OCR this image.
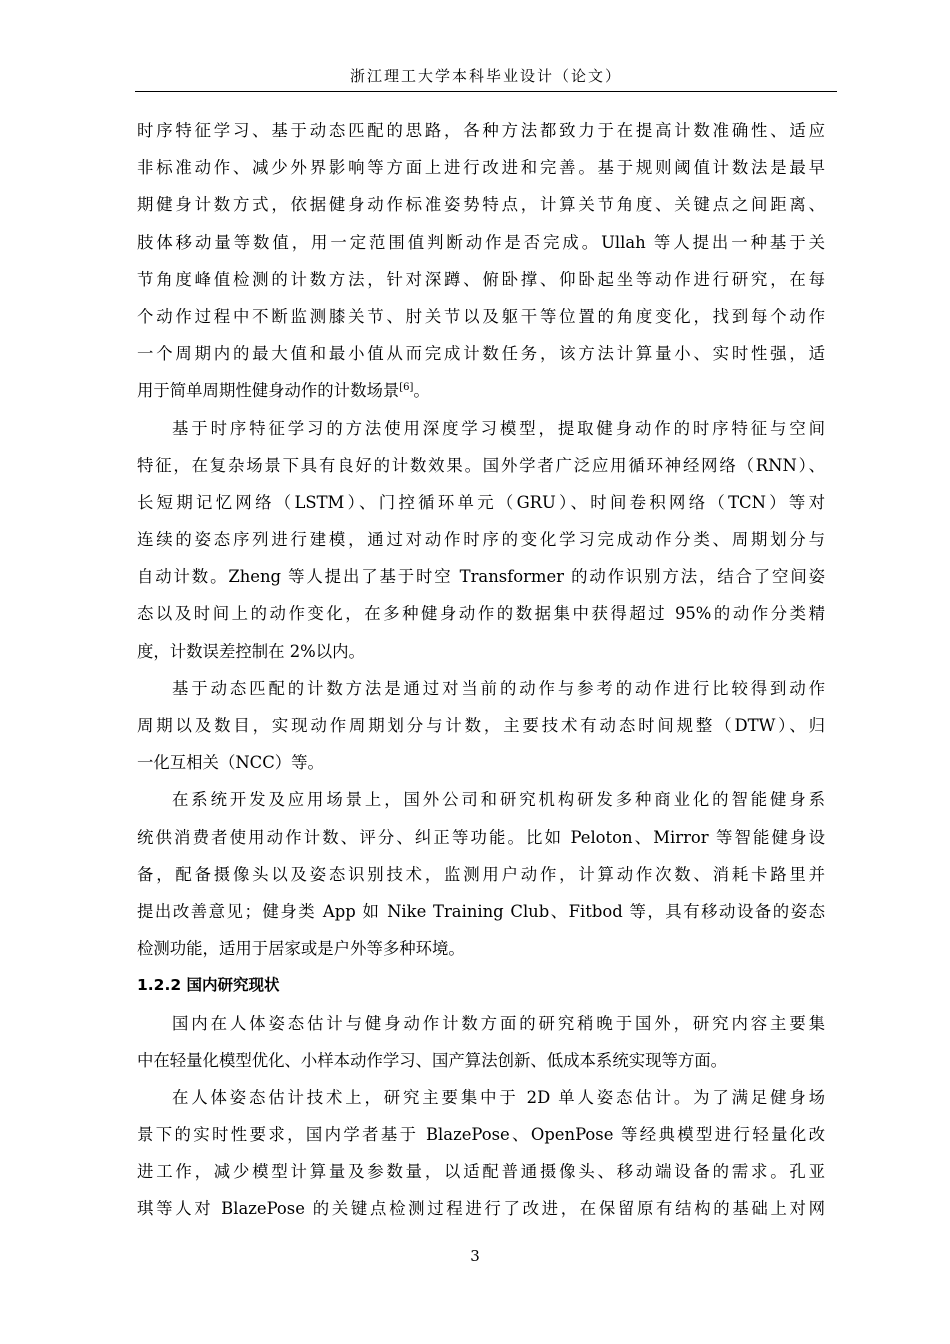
浙江理工大学本科毕业设计（论文）
时序特征学习、基于动态匹配的思路，各种方法都致力于在提高计数准确性、适应
非标准动作、减少外界影响等方面上进行改进和完善。基于规则阈值计数法是最早
期健身计数方式，依据健身动作标准姿势特点，计算关节角度、关键点之间距离、
肢体移动量等数值，用一定范围值判断动作是否完成。Ullah 等人提出一种基于关
节角度峰值检测的计数方法，针对深蹲、俯卧撑、仰卧起坐等动作进行研究，在每
个动作过程中不断监测膝关节、肘关节以及躯干等位置的角度变化，找到每个动作
一个周期内的最大值和最小值从而完成计数任务，该方法计算量小、实时性强，适
用于简单周期性健身动作的计数场景[6]。
基于时序特征学习的方法使用深度学习模型，提取健身动作的时序特征与空间
特征，在复杂场景下具有良好的计数效果。国外学者广泛应用循环神经网络（RNN）、
长短期记忆网络（LSTM）、门控循环单元（GRU）、时间卷积网络（TCN）等对
连续的姿态序列进行建模，通过对动作时序的变化学习完成动作分类、周期划分与
自动计数。Zheng 等人提出了基于时空 Transformer 的动作识别方法，结合了空间姿
态以及时间上的动作变化，在多种健身动作的数据集中获得超过 95%的动作分类精
度，计数误差控制在 2%以内。
基于动态匹配的计数方法是通过对当前的动作与参考的动作进行比较得到动作
周期以及数目，实现动作周期划分与计数，主要技术有动态时间规整（DTW）、归
一化互相关（NCC）等。
在系统开发及应用场景上，国外公司和研究机构研发多种商业化的智能健身系
统供消费者使用动作计数、评分、纠正等功能。比如 Peloton、Mirror 等智能健身设
备，配备摄像头以及姿态识别技术，监测用户动作，计算动作次数、消耗卡路里并
提出改善意见；健身类 App 如 Nike Training Club、Fitbod 等，具有移动设备的姿态
检测功能，适用于居家或是户外等多种环境。
1.2.2 国内研究现状
国内在人体姿态估计与健身动作计数方面的研究稍晚于国外，研究内容主要集
中在轻量化模型优化、小样本动作学习、国产算法创新、低成本系统实现等方面。
在人体姿态估计技术上，研究主要集中于 2D 单人姿态估计。为了满足健身场
景下的实时性要求，国内学者基于 BlazePose、OpenPose 等经典模型进行轻量化改
进工作，减少模型计算量及参数量，以适配普通摄像头、移动端设备的需求。孔亚
琪等人对 BlazePose 的关键点检测过程进行了改进，在保留原有结构的基础上对网
3
